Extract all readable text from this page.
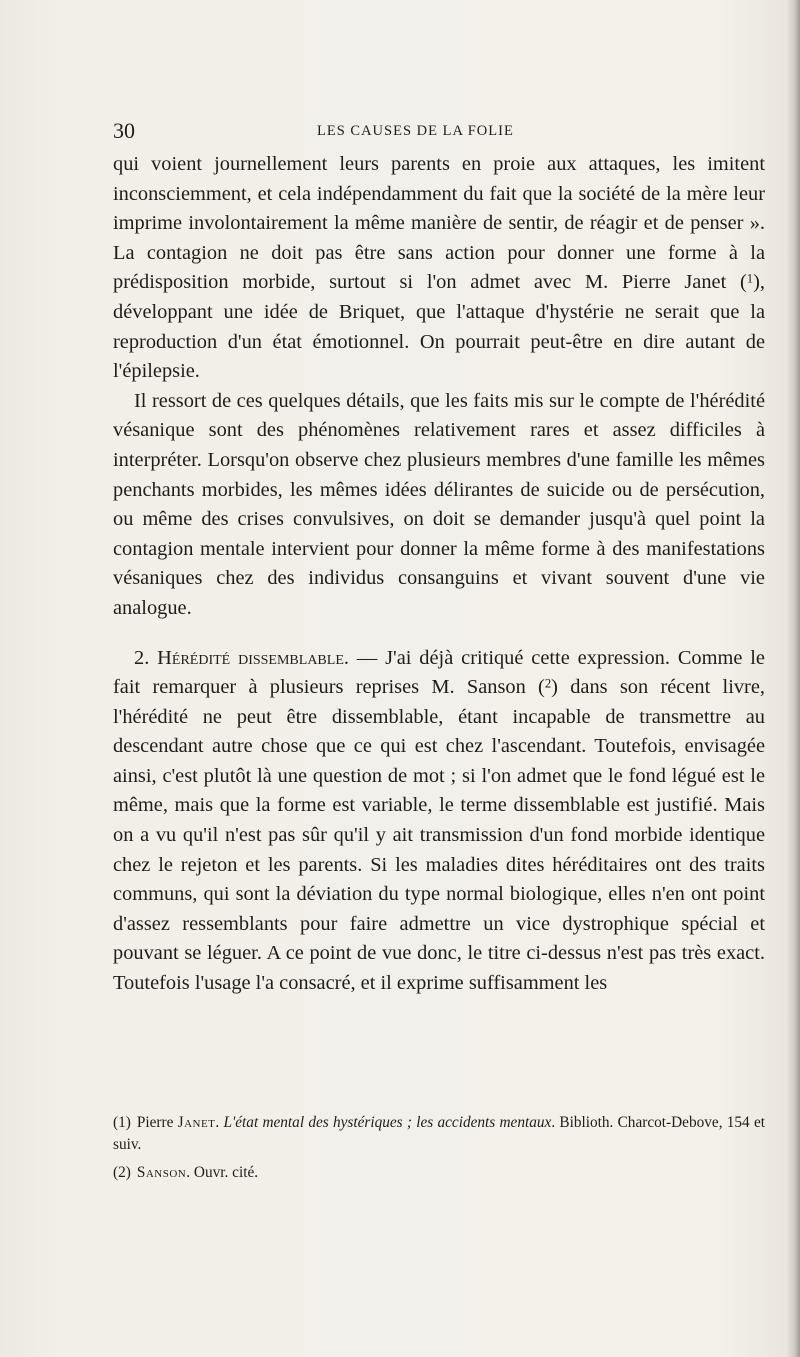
30	LES CAUSES DE LA FOLIE

qui voient journellement leurs parents en proie aux attaques, les imitent inconsciemment, et cela indépendamment du fait que la société de la mère leur imprime involontairement la même manière de sentir, de réagir et de penser ». La contagion ne doit pas être sans action pour donner une forme à la prédisposition morbide, surtout si l'on admet avec M. Pierre Janet ($^1$), développant une idée de Briquet, que l'attaque d'hystérie ne serait que la reproduction d'un état émotionnel. On pourrait peut-être en dire autant de l'épilepsie.

Il ressort de ces quelques détails, que les faits mis sur le compte de l'hérédité vésanique sont des phénomènes relativement rares et assez difficiles à interpréter. Lorsqu'on observe chez plusieurs membres d'une famille les mêmes penchants morbides, les mêmes idées délirantes de suicide ou de persécution, ou même des crises convulsives, on doit se demander jusqu'à quel point la contagion mentale intervient pour donner la même forme à des manifestations vésaniques chez des individus consanguins et vivant souvent d'une vie analogue.

2. Hérédité dissemblable. — J'ai déjà critiqué cette expression. Comme le fait remarquer à plusieurs reprises M. Sanson ($^2$) dans son récent livre, l'hérédité ne peut être dissemblable, étant incapable de transmettre au descendant autre chose que ce qui est chez l'ascendant. Toutefois, envisagée ainsi, c'est plutôt là une question de mot ; si l'on admet que le fond légué est le même, mais que la forme est variable, le terme dissemblable est justifié. Mais on a vu qu'il n'est pas sûr qu'il y ait transmission d'un fond morbide identique chez le rejeton et les parents. Si les maladies dites héréditaires ont des traits communs, qui sont la déviation du type normal biologique, elles n'en ont point d'assez ressemblants pour faire admettre un vice dystrophique spécial et pouvant se léguer. A ce point de vue donc, le titre ci-dessus n'est pas très exact. Toutefois l'usage l'a consacré, et il exprime suffisamment les

(1) Pierre Janet. L'état mental des hystériques ; les accidents mentaux. Biblioth. Charcot-Debove, 154 et suiv.

(2) Sanson. Ouvr. cité.
